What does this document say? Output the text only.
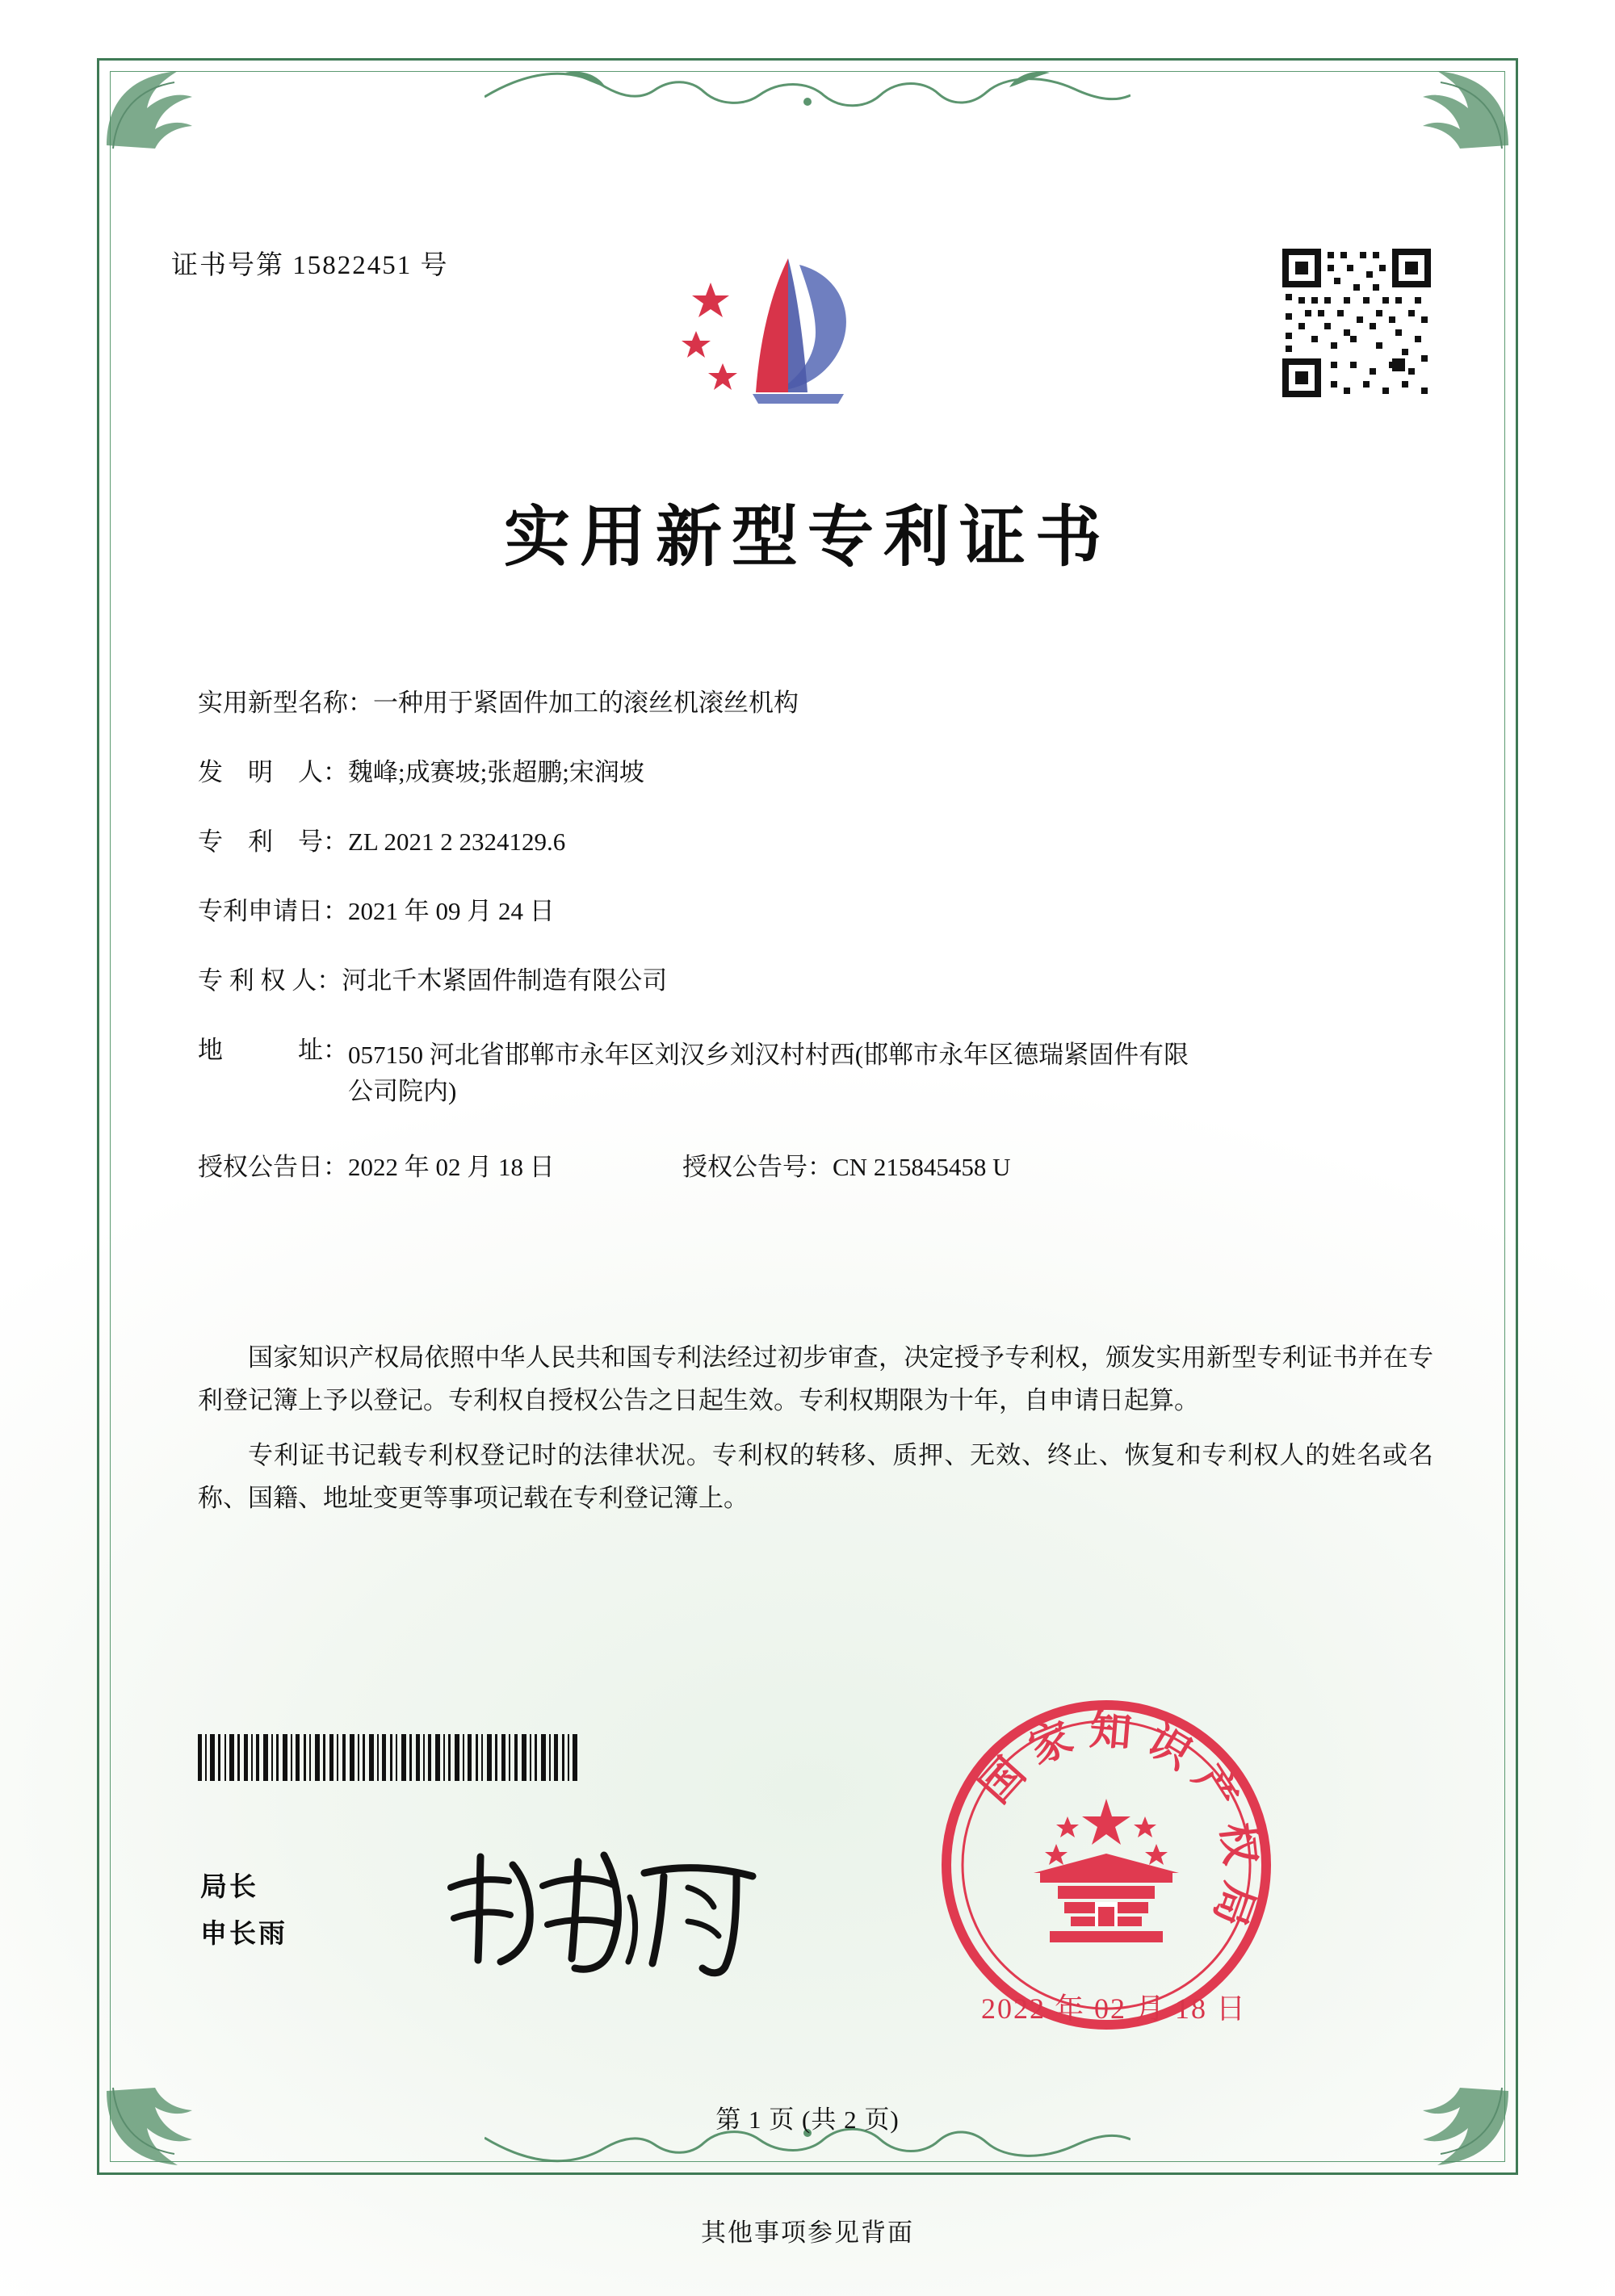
证书号第 15822451 号
实用新型专利证书
实用新型名称： 一种用于紧固件加工的滚丝机滚丝机构
发　明　人： 魏峰;成赛坡;张超鹏;宋润坡
专　利　号： ZL 2021 2 2324129.6
专利申请日： 2021 年 09 月 24 日
专 利 权 人： 河北千木紧固件制造有限公司
地　　　址： 057150 河北省邯郸市永年区刘汉乡刘汉村村西(邯郸市永年区德瑞紧固件有限公司院内)
授权公告日：2022 年 02 月 18 日	授权公告号：CN 215845458 U

国家知识产权局依照中华人民共和国专利法经过初步审查，决定授予专利权，颁发实用新型专利证书并在专利登记簿上予以登记。专利权自授权公告之日起生效。专利权期限为十年，自申请日起算。

专利证书记载专利权登记时的法律状况。专利权的转移、质押、无效、终止、恢复和专利权人的姓名或名称、国籍、地址变更等事项记载在专利登记簿上。

局长
申长雨
国家知识产权局
2022 年 02 月 18 日
第 1 页 (共 2 页)
其他事项参见背面
